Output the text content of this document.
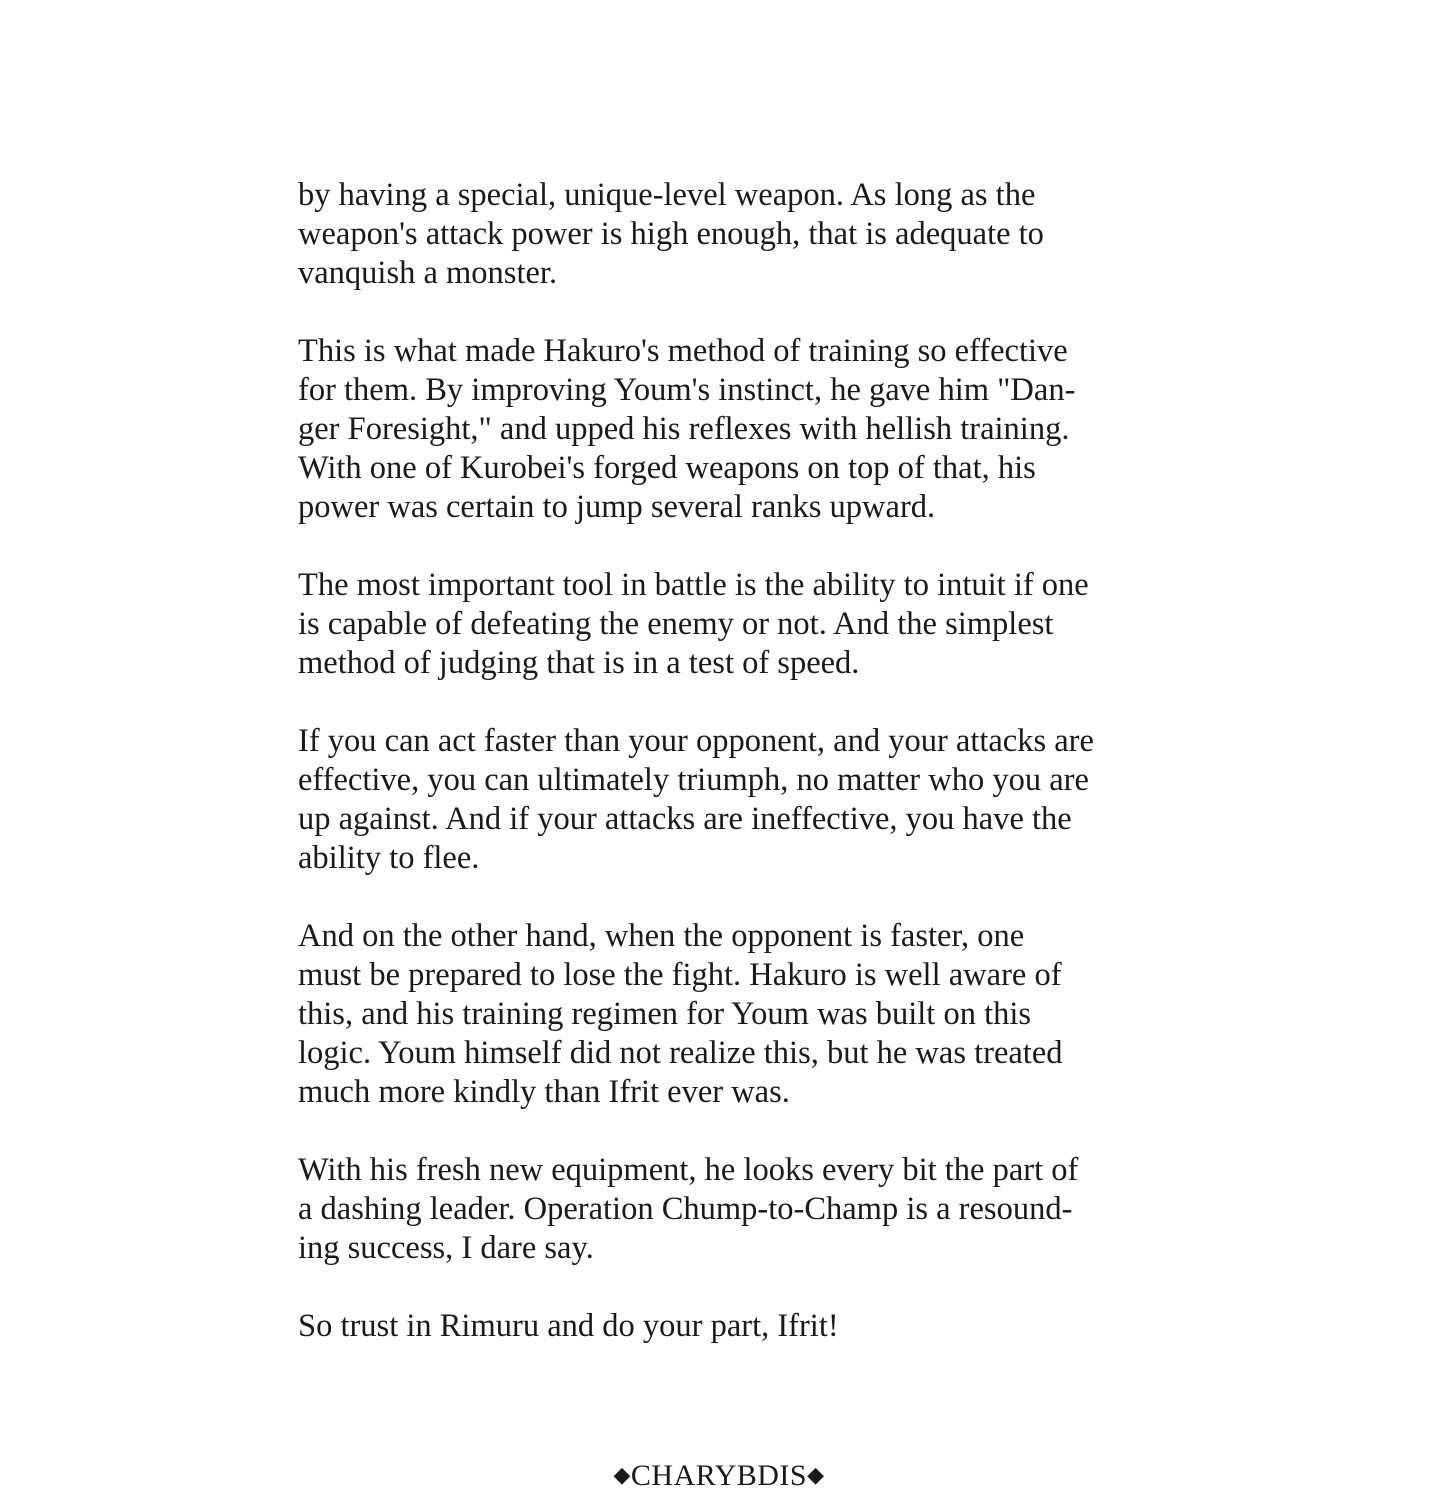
by having a special, unique-level weapon. As long as the
weapon's attack power is high enough, that is adequate to
vanquish a monster.

This is what made Hakuro's method of training so effective
for them. By improving Youm's instinct, he gave him "Dan-
ger Foresight," and upped his reflexes with hellish training.
With one of Kurobei's forged weapons on top of that, his
power was certain to jump several ranks upward.

The most important tool in battle is the ability to intuit if one
is capable of defeating the enemy or not. And the simplest
method of judging that is in a test of speed.

If you can act faster than your opponent, and your attacks are
effective, you can ultimately triumph, no matter who you are
up against. And if your attacks are ineffective, you have the
ability to flee.

And on the other hand, when the opponent is faster, one
must be prepared to lose the fight. Hakuro is well aware of
this, and his training regimen for Youm was built on this
logic. Youm himself did not realize this, but he was treated
much more kindly than Ifrit ever was.

With his fresh new equipment, he looks every bit the part of
a dashing leader. Operation Chump-to-Champ is a resound-
ing success, I dare say.

So trust in Rimuru and do your part, Ifrit!

◆CHARYBDIS◆
